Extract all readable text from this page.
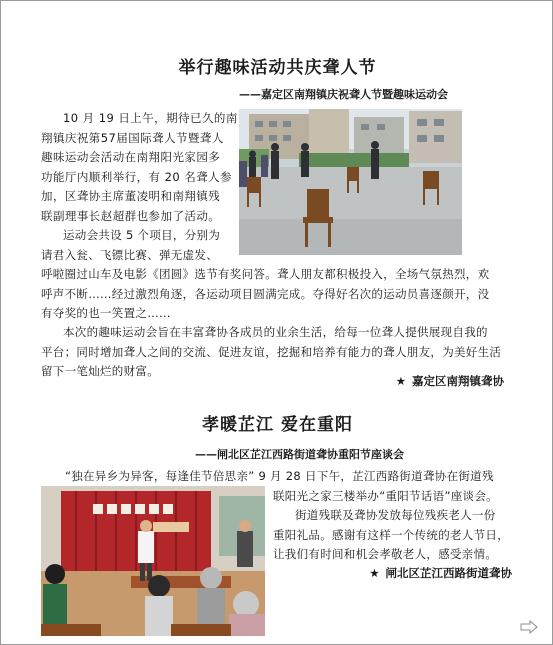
举行趣味活动共庆聋人节
——嘉定区南翔镇庆祝聋人节暨趣味运动会
10 月 19 日上午，期待已久的南
翔镇庆祝第57届国际聋人节暨聋人
趣味运动会活动在南翔阳光家园多
功能厅内顺利举行，有 20 名聋人参
加，区聋协主席董凌明和南翔镇残
联副理事长赵超群也参加了活动。
运动会共设 5 个项目，分别为
请君入瓮、飞镖比赛、弹无虚发、
呼啦圈过山车及电影《团圆》选节有奖问答。聋人朋友都积极投入，全场气氛热烈，欢
呼声不断……经过激烈角逐，各运动项目圆满完成。夺得好名次的运动员喜逐颜开，没
有夺奖的也一笑置之……
本次的趣味运动会旨在丰富聋协各成员的业余生活，给每一位聋人提供展现自我的
平台；同时增加聋人之间的交流、促进友谊，挖掘和培养有能力的聋人朋友，为美好生活
留下一笔灿烂的财富。
★ 嘉定区南翔镇聋协
孝暖芷江 爱在重阳
——闸北区芷江西路街道聋协重阳节座谈会
“独在异乡为异客，每逢佳节倍思亲” 9 月 28 日下午，芷江西路街道聋协在街道残
联阳光之家三楼举办“重阳节话语”座谈会。
街道残联及聋协发放每位残疾老人一份
重阳礼品。感谢有这样一个传统的老人节日，
让我们有时间和机会孝敬老人，感受亲情。
★ 闸北区芷江西路街道聋协
